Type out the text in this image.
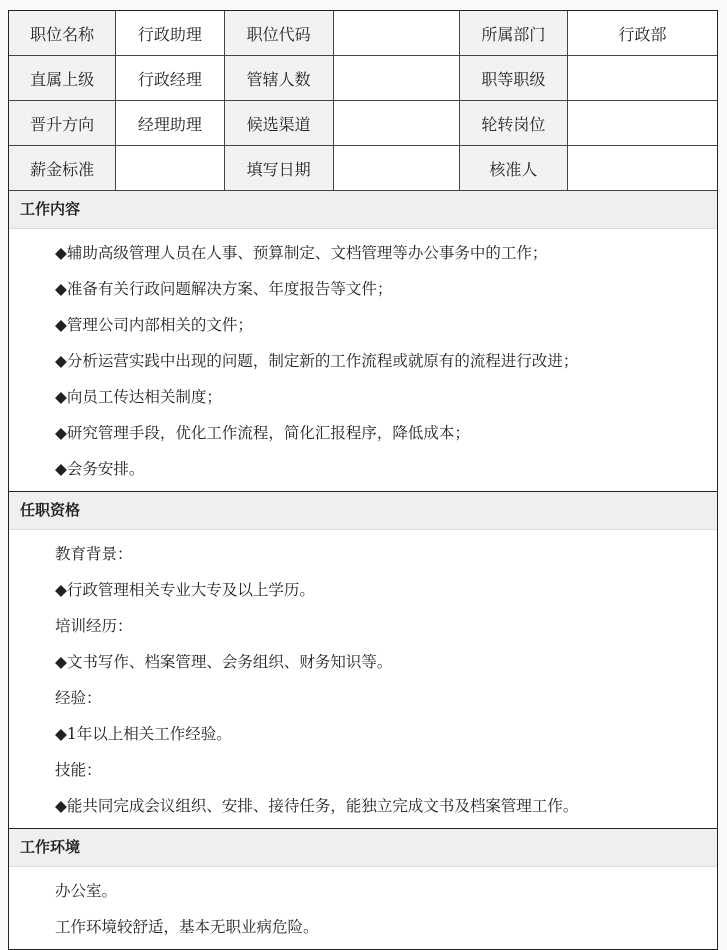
职位名称	行政助理	职位代码		所属部门	行政部
直属上级	行政经理	管辖人数		职等职级	
晋升方向	经理助理	候选渠道		轮转岗位	
薪金标准		填写日期		核准人	
工作内容
◆辅助高级管理人员在人事、预算制定、文档管理等办公事务中的工作；
◆准备有关行政问题解决方案、年度报告等文件；
◆管理公司内部相关的文件；
◆分析运营实践中出现的问题，制定新的工作流程或就原有的流程进行改进；
◆向员工传达相关制度；
◆研究管理手段，优化工作流程，简化汇报程序，降低成本；
◆会务安排。
任职资格
教育背景：
◆行政管理相关专业大专及以上学历。
培训经历：
◆文书写作、档案管理、会务组织、财务知识等。
经验：
◆1年以上相关工作经验。
技能：
◆能共同完成会议组织、安排、接待任务，能独立完成文书及档案管理工作。
工作环境
办公室。
工作环境较舒适，基本无职业病危险。
